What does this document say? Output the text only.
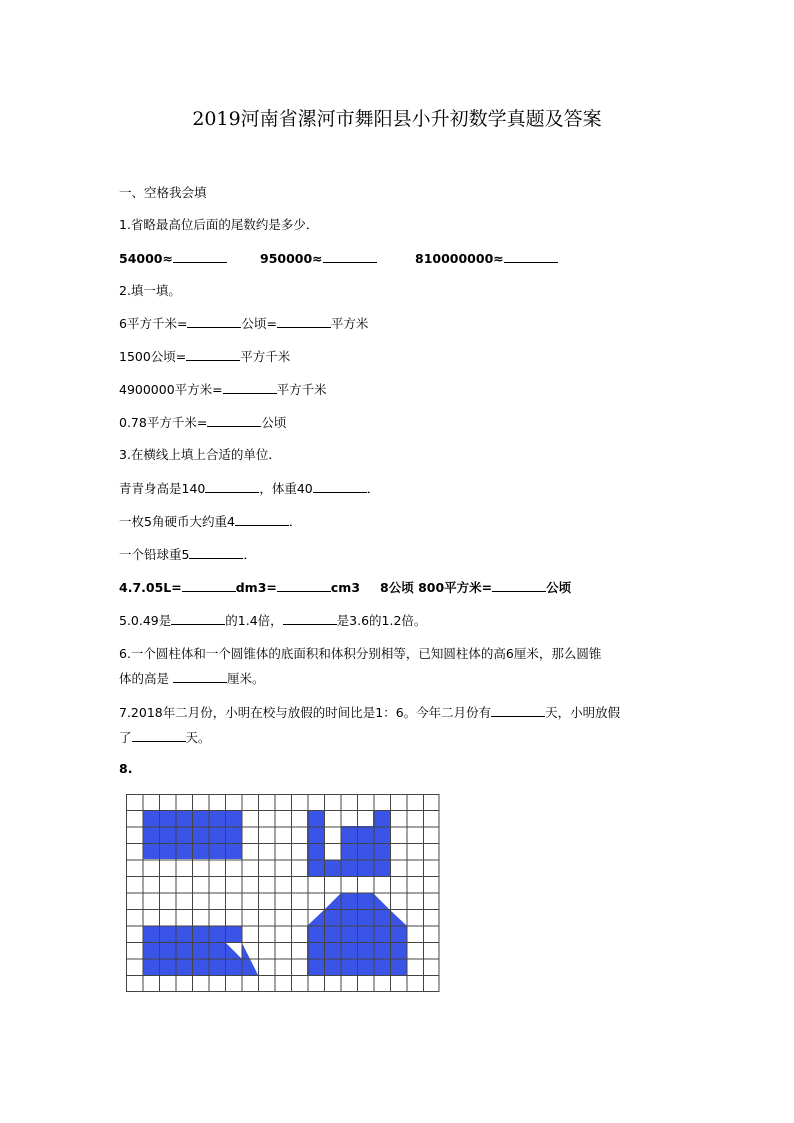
2019河南省漯河市舞阳县小升初数学真题及答案
一、空格我会填
1.省略最高位后面的尾数约是多少．
54000≈	950000≈	810000000≈
2.填一填。
6平方千米=	公顷=	平方米
1500公顷=	平方千米
4900000平方米=	平方千米
0.78平方千米=	公顷
3.在横线上填上合适的单位．
青青身高是140	，体重40	．
一枚5角硬币大约重4	．
一个铅球重5	．
4.7.05L=	dm3=	cm3 8公顷 800平方米=	公顷
5.0.49是	的1.4倍，	是3.6的1.2倍。
6.一个圆柱体和一个圆锥体的底面积和体积分别相等，已知圆柱体的高6厘米，那么圆锥
体的高是	厘米。
7.2018年二月份，小明在校与放假的时间比是1：6。今年二月份有	天，小明放假
了	天。
8.
